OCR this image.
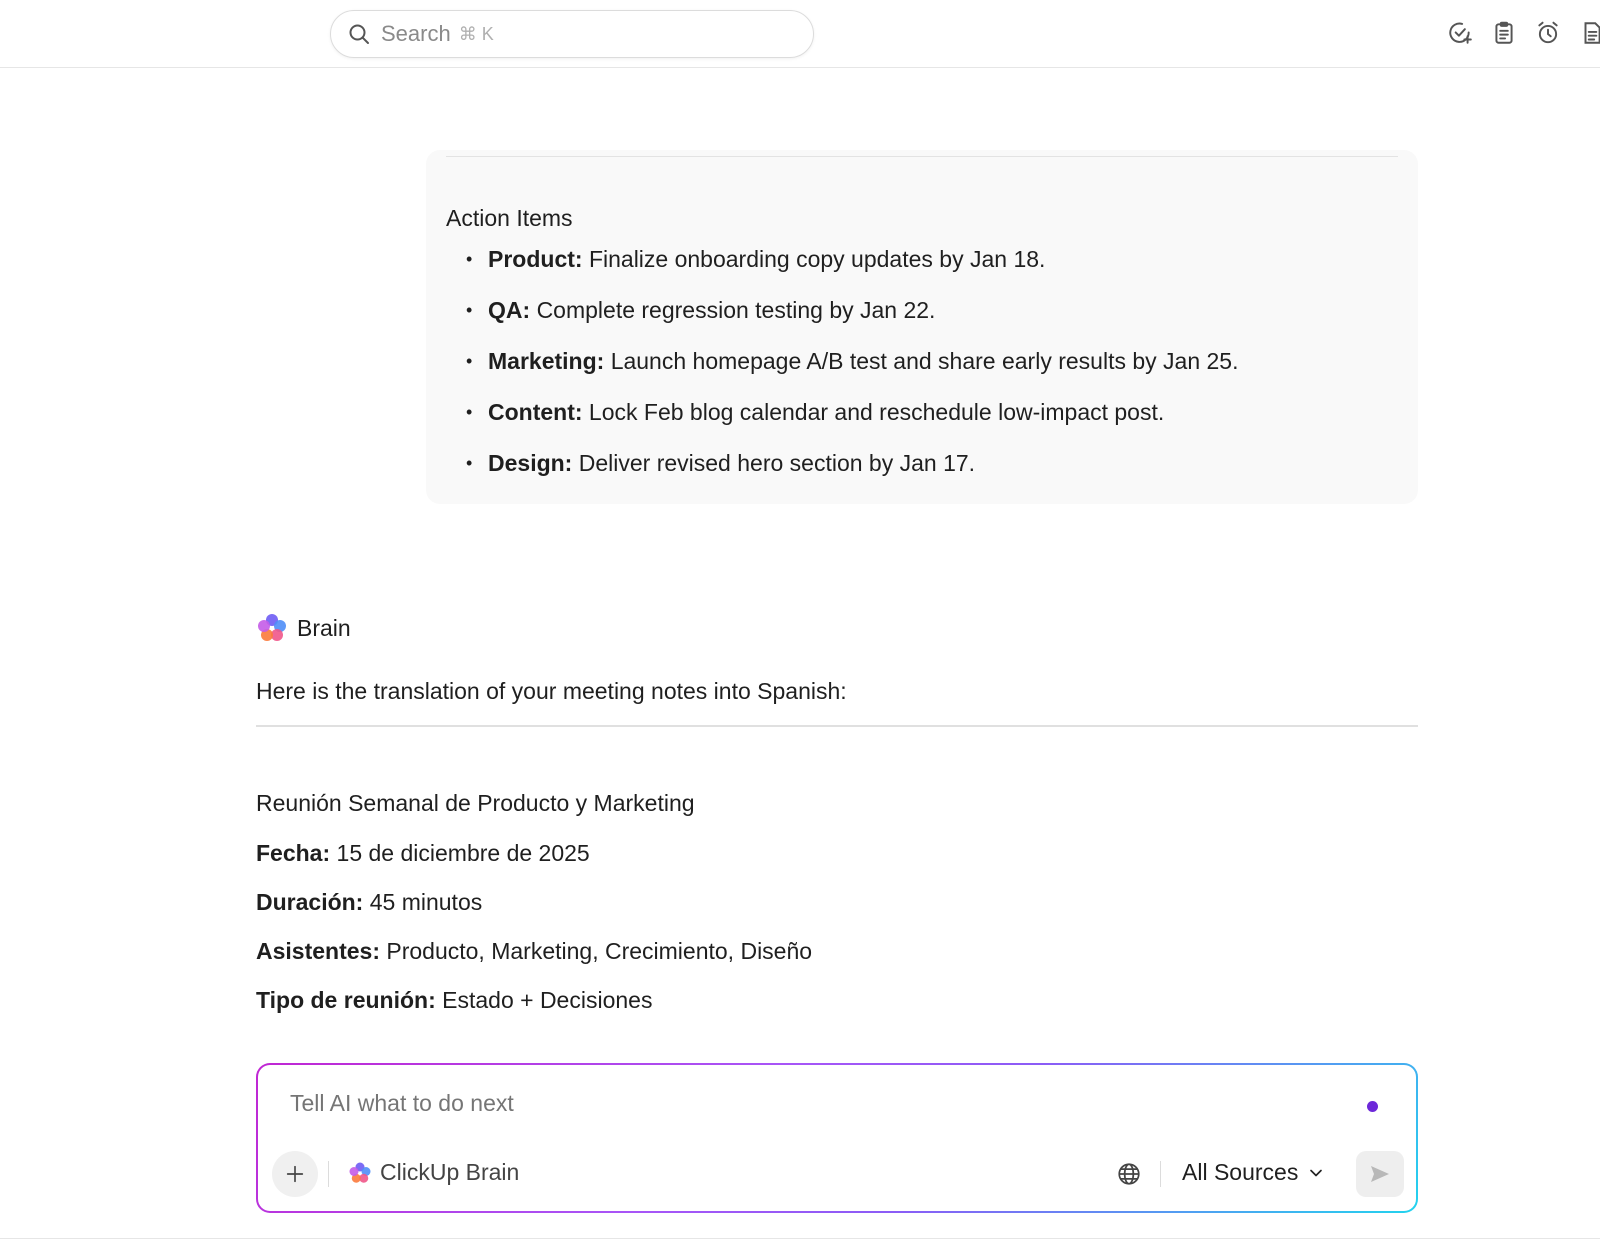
Search ⌘ K
Action Items
• Product: Finalize onboarding copy updates by Jan 18.
• QA: Complete regression testing by Jan 22.
• Marketing: Launch homepage A/B test and share early results by Jan 25.
• Content: Lock Feb blog calendar and reschedule low-impact post.
• Design: Deliver revised hero section by Jan 17.
Brain
Here is the translation of your meeting notes into Spanish:
Reunión Semanal de Producto y Marketing
Fecha: 15 de diciembre de 2025
Duración: 45 minutos
Asistentes: Producto, Marketing, Crecimiento, Diseño
Tipo de reunión: Estado + Decisiones
Tell AI what to do next
ClickUp Brain	All Sources
